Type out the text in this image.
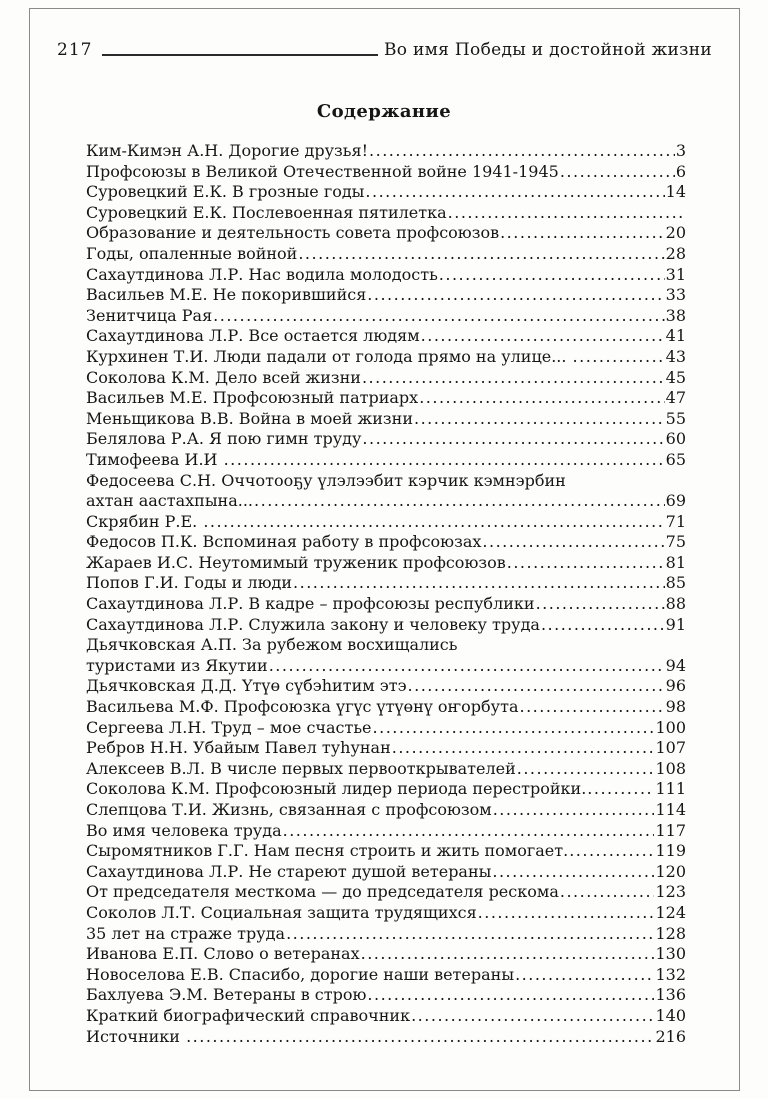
217	Во имя Победы и достойной жизни
Содержание
Ким-Кимэн А.Н. Дорогие друзья! .....	3
Профсоюзы в Великой Отечественной войне 1941-1945 .....	6
Суровецкий Е.К. В грозные годы .....	14
Суровецкий Е.К. Послевоенная пятилетка
.....
Образование и деятельность совета профсоюзов .....	20
Годы, опаленные войной .....	28
Сахаутдинова Л.Р. Нас водила молодость .....	31
Васильев М.Е. Не покорившийся .....	33
Зенитчица Рая .....	38
Сахаутдинова Л.Р. Все остается людям .....	41
Курхинен Т.И. Люди падали от голода прямо на улице... .....	43
Соколова К.М. Дело всей жизни .....	45
Васильев М.Е. Профсоюзный патриарх .....	47
Меньщикова В.В. Война в моей жизни .....	55
Белялова Р.А. Я пою гимн труду .....	60
Тимофеева И.И .....	65
Федосеева С.Н. Оччотооҕу үлэлээбит кэрчик кэмнэрбин
ахтан аастахпына... .....	69
Скрябин Р.Е. .....	71
Федосов П.К. Вспоминая работу в профсоюзах .....	75
Жараев И.С. Неутомимый труженик профсоюзов .....	81
Попов Г.И. Годы и люди .....	85
Сахаутдинова Л.Р. В кадре – профсоюзы республики .....	88
Сахаутдинова Л.Р. Служила закону и человеку труда .....	91
Дьячковская А.П. За рубежом восхищались
туристами из Якутии .....	94
Дьячковская Д.Д. Үтүө сүбэһитим этэ .....	96
Васильева М.Ф. Профсоюзка үгүс үтүөнү оҥорбута .....	98
Сергеева Л.Н. Труд – мое счастье .....	100
Ребров Н.Н. Убайым Павел туһунан .....	107
Алексеев В.Л. В числе первых первооткрывателей .....	108
Соколова К.М. Профсоюзный лидер периода перестройки. .....	111
Слепцова Т.И. Жизнь, связанная с профсоюзом .....	114
Во имя человека труда .....	117
Сыромятников Г.Г. Нам песня строить и жить помогает. .....	119
Сахаутдинова Л.Р. Не стареют душой ветераны .....	120
От председателя месткома — до председателя рескома .....	123
Соколов Л.Т. Социальная защита трудящихся .....	124
35 лет на страже труда .....	128
Иванова Е.П. Слово о ветеранах .....	130
Новоселова Е.В. Спасибо, дорогие наши ветераны .....	132
Бахлуева Э.М. Ветераны в строю .....	136
Краткий биографический справочник .....	140
Источники .....	216
